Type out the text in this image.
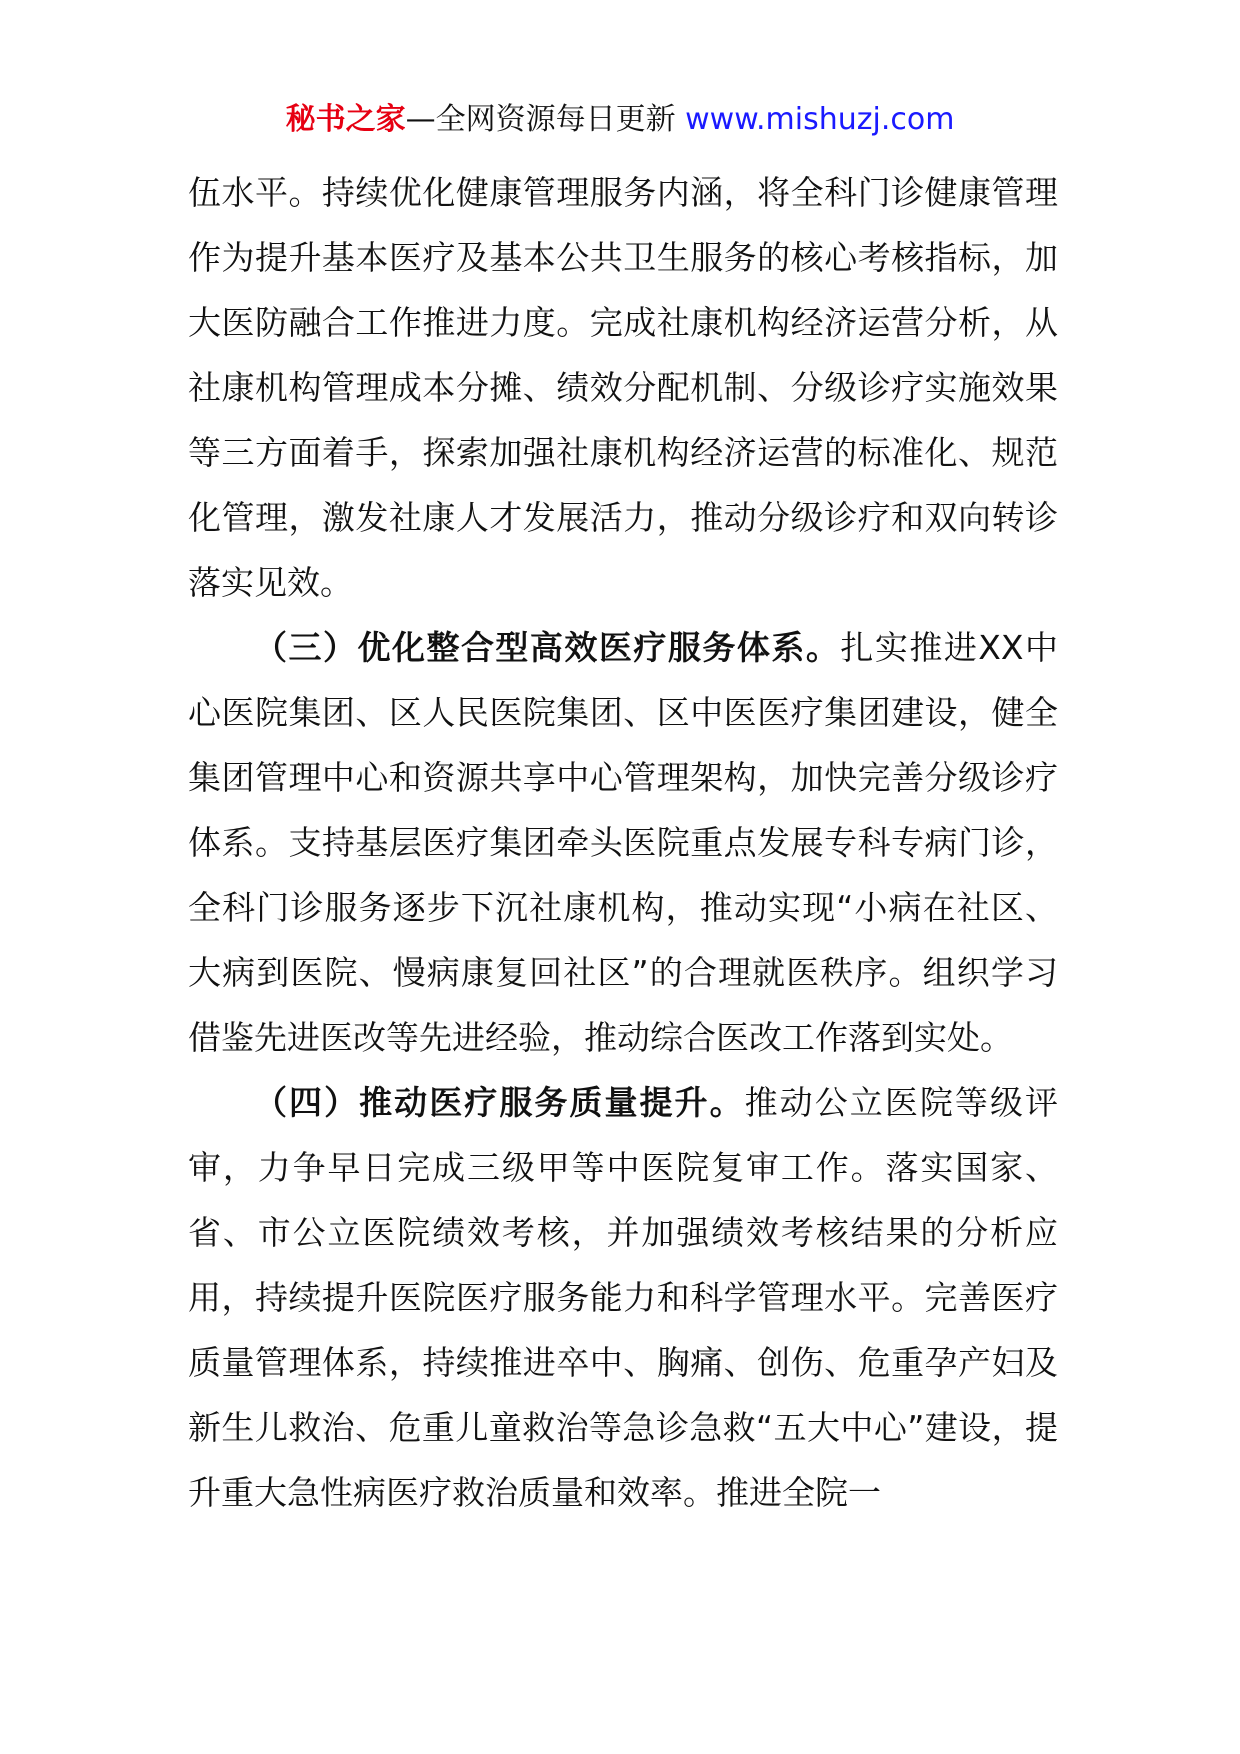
秘书之家—全网资源每日更新 www.mishuzj.com

伍水平。持续优化健康管理服务内涵，将全科门诊健康管理作为提升基本医疗及基本公共卫生服务的核心考核指标，加大医防融合工作推进力度。完成社康机构经济运营分析，从社康机构管理成本分摊、绩效分配机制、分级诊疗实施效果等三方面着手，探索加强社康机构经济运营的标准化、规范化管理，激发社康人才发展活力，推动分级诊疗和双向转诊落实见效。

（三）优化整合型高效医疗服务体系。扎实推进XX中心医院集团、区人民医院集团、区中医医疗集团建设，健全集团管理中心和资源共享中心管理架构，加快完善分级诊疗体系。支持基层医疗集团牵头医院重点发展专科专病门诊，全科门诊服务逐步下沉社康机构，推动实现“小病在社区、大病到医院、慢病康复回社区”的合理就医秩序。组织学习借鉴先进医改等先进经验，推动综合医改工作落到实处。

（四）推动医疗服务质量提升。推动公立医院等级评审，力争早日完成三级甲等中医院复审工作。落实国家、省、市公立医院绩效考核，并加强绩效考核结果的分析应用，持续提升医院医疗服务能力和科学管理水平。完善医疗质量管理体系，持续推进卒中、胸痛、创伤、危重孕产妇及新生儿救治、危重儿童救治等急诊急救“五大中心”建设，提升重大急性病医疗救治质量和效率。推进全院一
